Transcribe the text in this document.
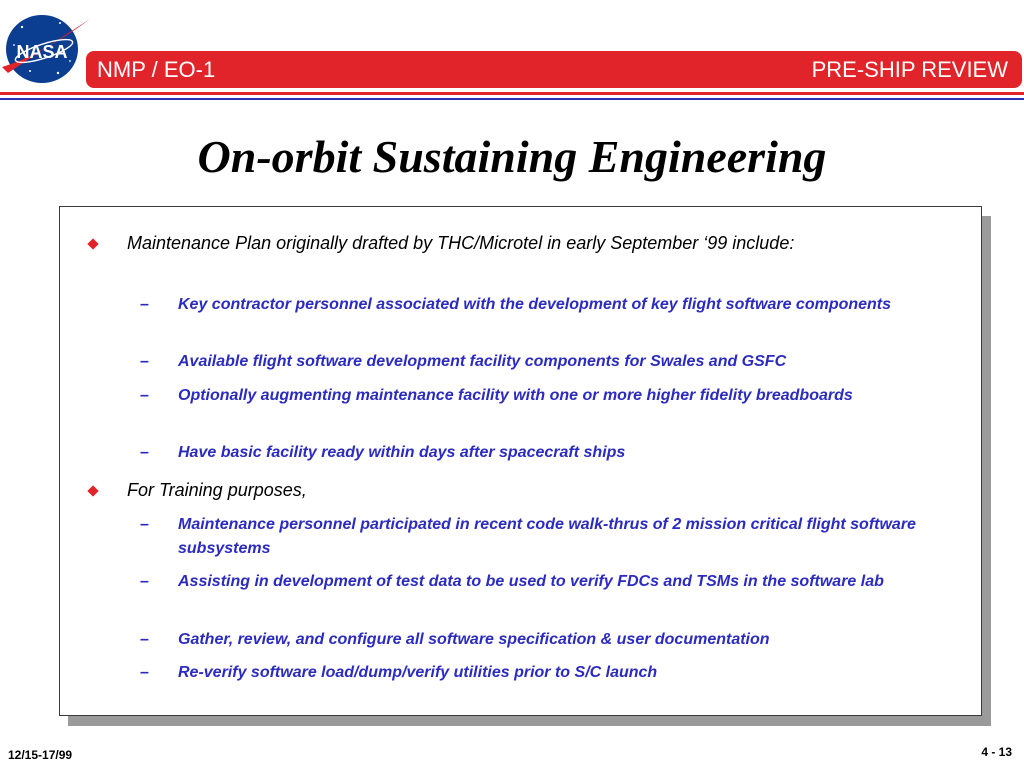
NASA
NMP / EO-1	PRE-SHIP REVIEW
On-orbit Sustaining Engineering
Maintenance Plan originally drafted by THC/Microtel in early September ‘99 include:
– Key contractor personnel associated with the development of key flight software components
– Available flight software development facility components for Swales and GSFC
– Optionally augmenting maintenance facility with one or more higher fidelity breadboards
– Have basic facility ready within days after spacecraft ships
For Training purposes,
– Maintenance personnel participated in recent code walk-thrus of 2 mission critical flight software subsystems
– Assisting in development of test data to be used to verify FDCs and TSMs in the software lab
– Gather, review, and configure all software specification & user documentation
– Re-verify software load/dump/verify utilities prior to S/C launch
12/15-17/99	4 - 13
